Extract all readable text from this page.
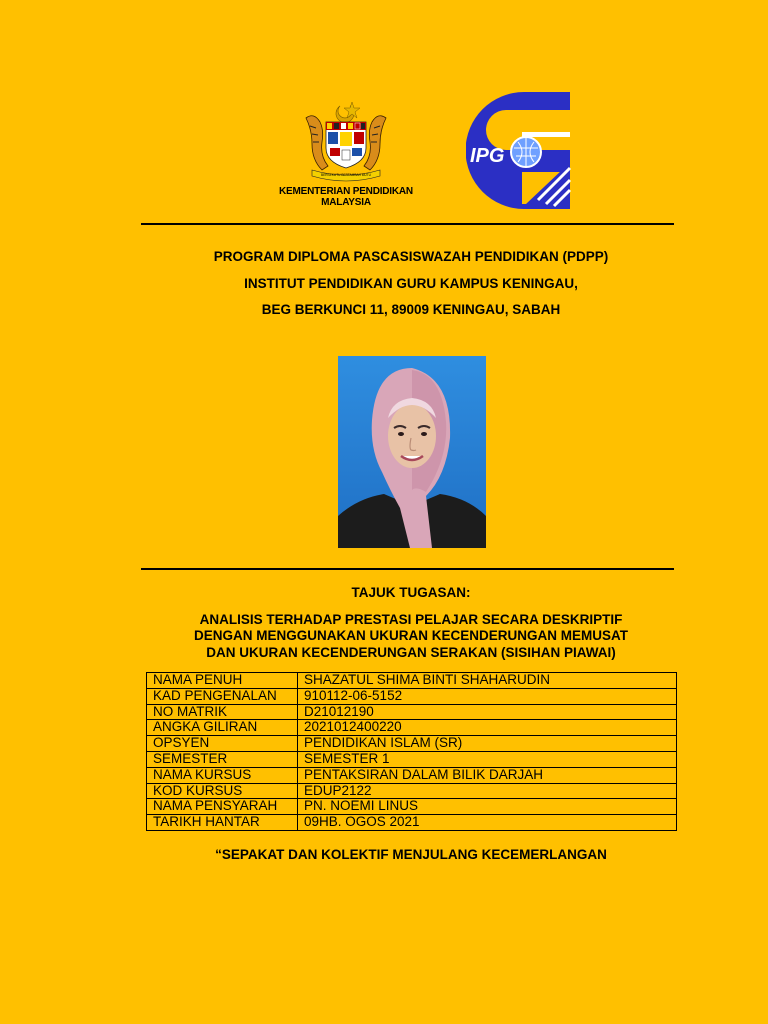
BERSEKUTU BERTAMBAH MUTU
KEMENTERIAN PENDIDIKAN MALAYSIA
IPG
PROGRAM DIPLOMA PASCASISWAZAH PENDIDIKAN (PDPP)
INSTITUT PENDIDIKAN GURU KAMPUS KENINGAU,
BEG BERKUNCI 11, 89009 KENINGAU, SABAH
TAJUK TUGASAN:
ANALISIS TERHADAP PRESTASI PELAJAR SECARA DESKRIPTIF
DENGAN MENGGUNAKAN UKURAN KECENDERUNGAN MEMUSAT
DAN UKURAN KECENDERUNGAN SERAKAN (SISIHAN PIAWAI)
NAMA PENUH	SHAZATUL SHIMA BINTI SHAHARUDIN
KAD PENGENALAN	910112-06-5152
NO MATRIK	D21012190
ANGKA GILIRAN	2021012400220
OPSYEN	PENDIDIKAN ISLAM (SR)
SEMESTER	SEMESTER 1
NAMA KURSUS	PENTAKSIRAN DALAM BILIK DARJAH
KOD KURSUS	EDUP2122
NAMA PENSYARAH	PN. NOEMI LINUS
TARIKH HANTAR	09HB. OGOS 2021
“SEPAKAT DAN KOLEKTIF MENJULANG KECEMERLANGAN
